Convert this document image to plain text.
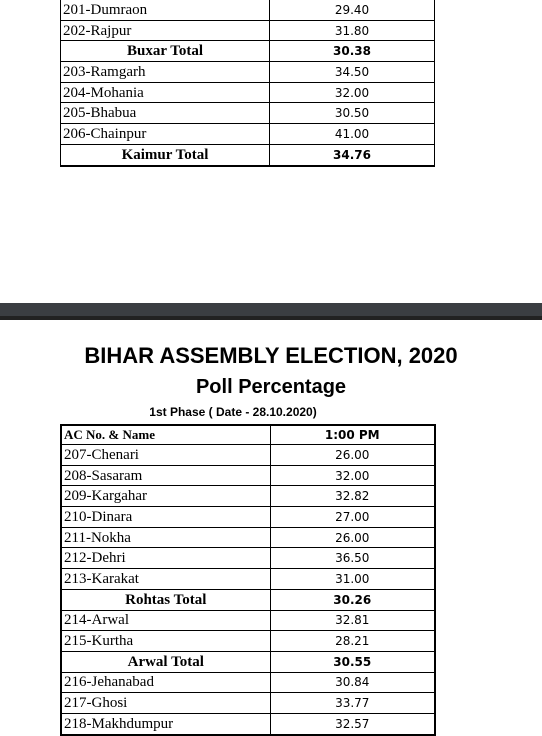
201-Dumraon	29.40
202-Rajpur	31.80
Buxar Total	30.38
203-Ramgarh	34.50
204-Mohania	32.00
205-Bhabua	30.50
206-Chainpur	41.00
Kaimur Total	34.76
BIHAR ASSEMBLY ELECTION, 2020
Poll Percentage
1st Phase ( Date - 28.10.2020)
AC No. & Name	1:00 PM
207-Chenari	26.00
208-Sasaram	32.00
209-Kargahar	32.82
210-Dinara	27.00
211-Nokha	26.00
212-Dehri	36.50
213-Karakat	31.00
Rohtas Total	30.26
214-Arwal	32.81
215-Kurtha	28.21
Arwal Total	30.55
216-Jehanabad	30.84
217-Ghosi	33.77
218-Makhdumpur	32.57
